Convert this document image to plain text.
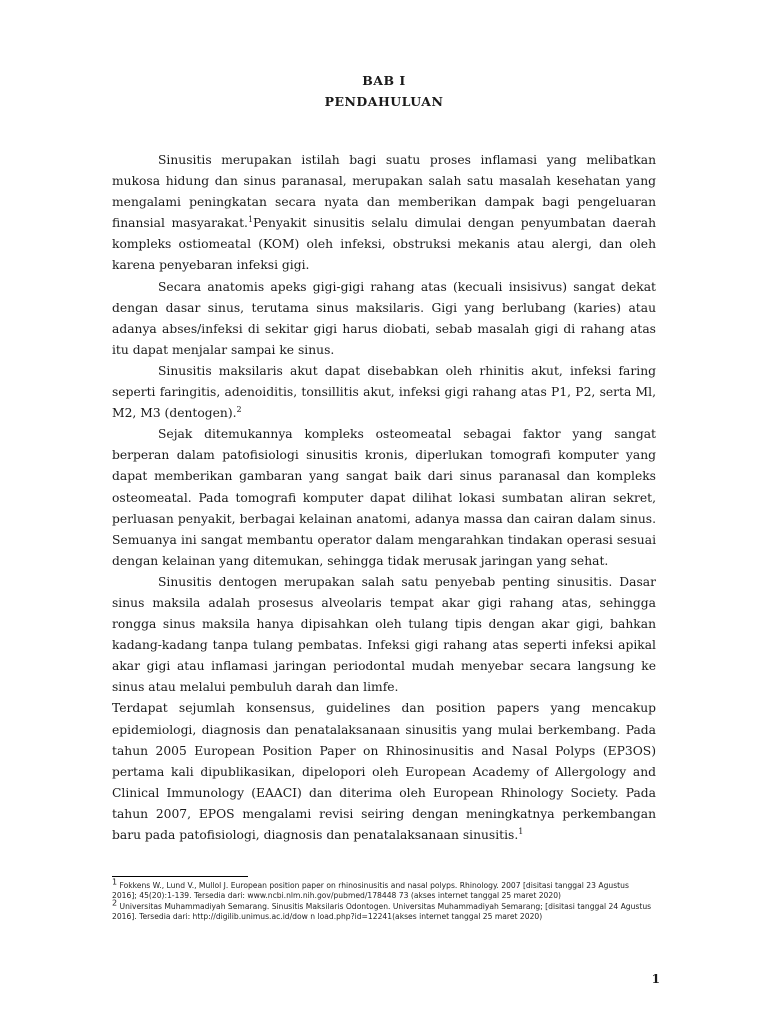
BAB I
PENDAHULUAN

Sinusitis merupakan istilah bagi suatu proses inflamasi yang melibatkan mukosa hidung dan sinus paranasal, merupakan salah satu masalah kesehatan yang mengalami peningkatan secara nyata dan memberikan dampak bagi pengeluaran finansial masyarakat.$^1$Penyakit sinusitis selalu dimulai dengan penyumbatan daerah kompleks ostiomeatal (KOM) oleh infeksi, obstruksi mekanis atau alergi, dan oleh karena penyebaran infeksi gigi.

Secara anatomis apeks gigi-gigi rahang atas (kecuali insisivus) sangat dekat dengan dasar sinus, terutama sinus maksilaris. Gigi yang berlubang (karies) atau adanya abses/infeksi di sekitar gigi harus diobati, sebab masalah gigi di rahang atas itu dapat menjalar sampai ke sinus.

Sinusitis maksilaris akut dapat disebabkan oleh rhinitis akut, infeksi faring seperti faringitis, adenoiditis, tonsillitis akut, infeksi gigi rahang atas P1, P2, serta Ml, M2, M3 (dentogen).$^2$

Sejak ditemukannya kompleks osteomeatal sebagai faktor yang sangat berperan dalam patofisiologi sinusitis kronis, diperlukan tomografi komputer yang dapat memberikan gambaran yang sangat baik dari sinus paranasal dan kompleks osteomeatal. Pada tomografi komputer dapat dilihat lokasi sumbatan aliran sekret, perluasan penyakit, berbagai kelainan anatomi, adanya massa dan cairan dalam sinus. Semuanya ini sangat membantu operator dalam mengarahkan tindakan operasi sesuai dengan kelainan yang ditemukan, sehingga tidak merusak jaringan yang sehat.

Sinusitis dentogen merupakan salah satu penyebab penting sinusitis. Dasar sinus maksila adalah prosesus alveolaris tempat akar gigi rahang atas, sehingga rongga sinus maksila hanya dipisahkan oleh tulang tipis dengan akar gigi, bahkan kadang-kadang tanpa tulang pembatas. Infeksi gigi rahang atas seperti infeksi apikal akar gigi atau inflamasi jaringan periodontal mudah menyebar secara langsung ke sinus atau melalui pembuluh darah dan limfe.

Terdapat sejumlah konsensus, guidelines dan position papers yang mencakup epidemiologi, diagnosis dan penatalaksanaan sinusitis yang mulai berkembang. Pada tahun 2005 European Position Paper on Rhinosinusitis and Nasal Polyps (EP3OS) pertama kali dipublikasikan, dipelopori oleh European Academy of Allergology and Clinical Immunology (EAACI) dan diterima oleh European Rhinology Society. Pada tahun 2007, EPOS mengalami revisi seiring dengan meningkatnya perkembangan baru pada patofisiologi, diagnosis dan penatalaksanaan sinusitis.$^1$

$^1$ Fokkens W., Lund V., Mullol J. European position paper on rhinosinusitis and nasal polyps. Rhinology. 2007 [disitasi tanggal 23 Agustus 2016]; 45(20):1-139. Tersedia dari: www.ncbi.nlm.nih.gov/pubmed/178448 73 (akses internet tanggal 25 maret 2020)

$^2$ Universitas Muhammadiyah Semarang. Sinusitis Maksilaris Odontogen. Universitas Muhammadiyah Semarang; [disitasi tanggal 24 Agustus 2016]. Tersedia dari: http://digilib.unimus.ac.id/dow n load.php?id=12241(akses internet tanggal 25 maret 2020)

1
